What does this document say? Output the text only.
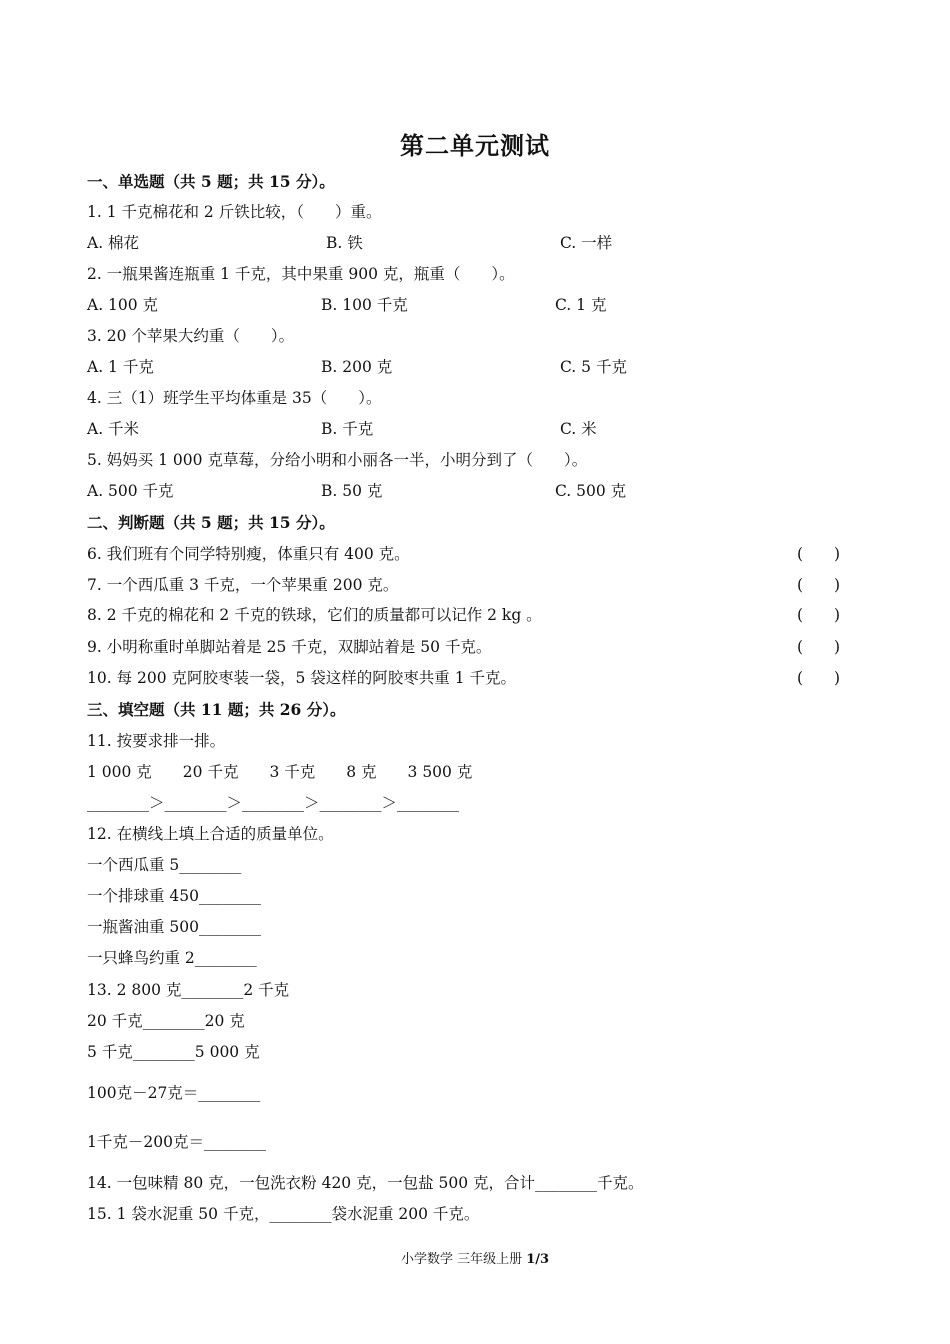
第二单元测试
一、单选题（共 5 题；共 15 分）。
1. 1 千克棉花和 2 斤铁比较，（　　）重。
A. 棉花	B. 铁	C. 一样
2. 一瓶果酱连瓶重 1 千克，其中果重 900 克，瓶重（　　）。
A. 100 克	B. 100 千克	C. 1 克
3. 20 个苹果大约重（　　）。
A. 1 千克	B. 200 克	C. 5 千克
4. 三（1）班学生平均体重是 35（　　）。
A. 千米	B. 千克	C. 米
5. 妈妈买 1 000 克草莓，分给小明和小丽各一半，小明分到了（　　）。
A. 500 千克	B. 50 克	C. 500 克
二、判断题（共 5 题；共 15 分）。
6. 我们班有个同学特别瘦，体重只有 400 克。	(　　)
7. 一个西瓜重 3 千克，一个苹果重 200 克。	(　　)
8. 2 千克的棉花和 2 千克的铁球，它们的质量都可以记作 2 kg 。	(　　)
9. 小明称重时单脚站着是 25 千克，双脚站着是 50 千克。	(　　)
10. 每 200 克阿胶枣装一袋，5 袋这样的阿胶枣共重 1 千克。	(　　)
三、填空题（共 11 题；共 26 分）。
11. 按要求排一排。
1 000 克　　20 千克　　3 千克　　8 克　　3 500 克
________＞________＞________＞________＞________
12. 在横线上填上合适的质量单位。
一个西瓜重 5________
一个排球重 450________
一瓶酱油重 500________
一只蜂鸟约重 2________
13. 2 800 克________2 千克
20 千克________20 克
5 千克________5 000 克
100克－27克＝________
1千克－200克＝________
14. 一包味精 80 克，一包洗衣粉 420 克，一包盐 500 克，合计________千克。
15. 1 袋水泥重 50 千克，________袋水泥重 200 千克。
小学数学 三年级上册 1/3
